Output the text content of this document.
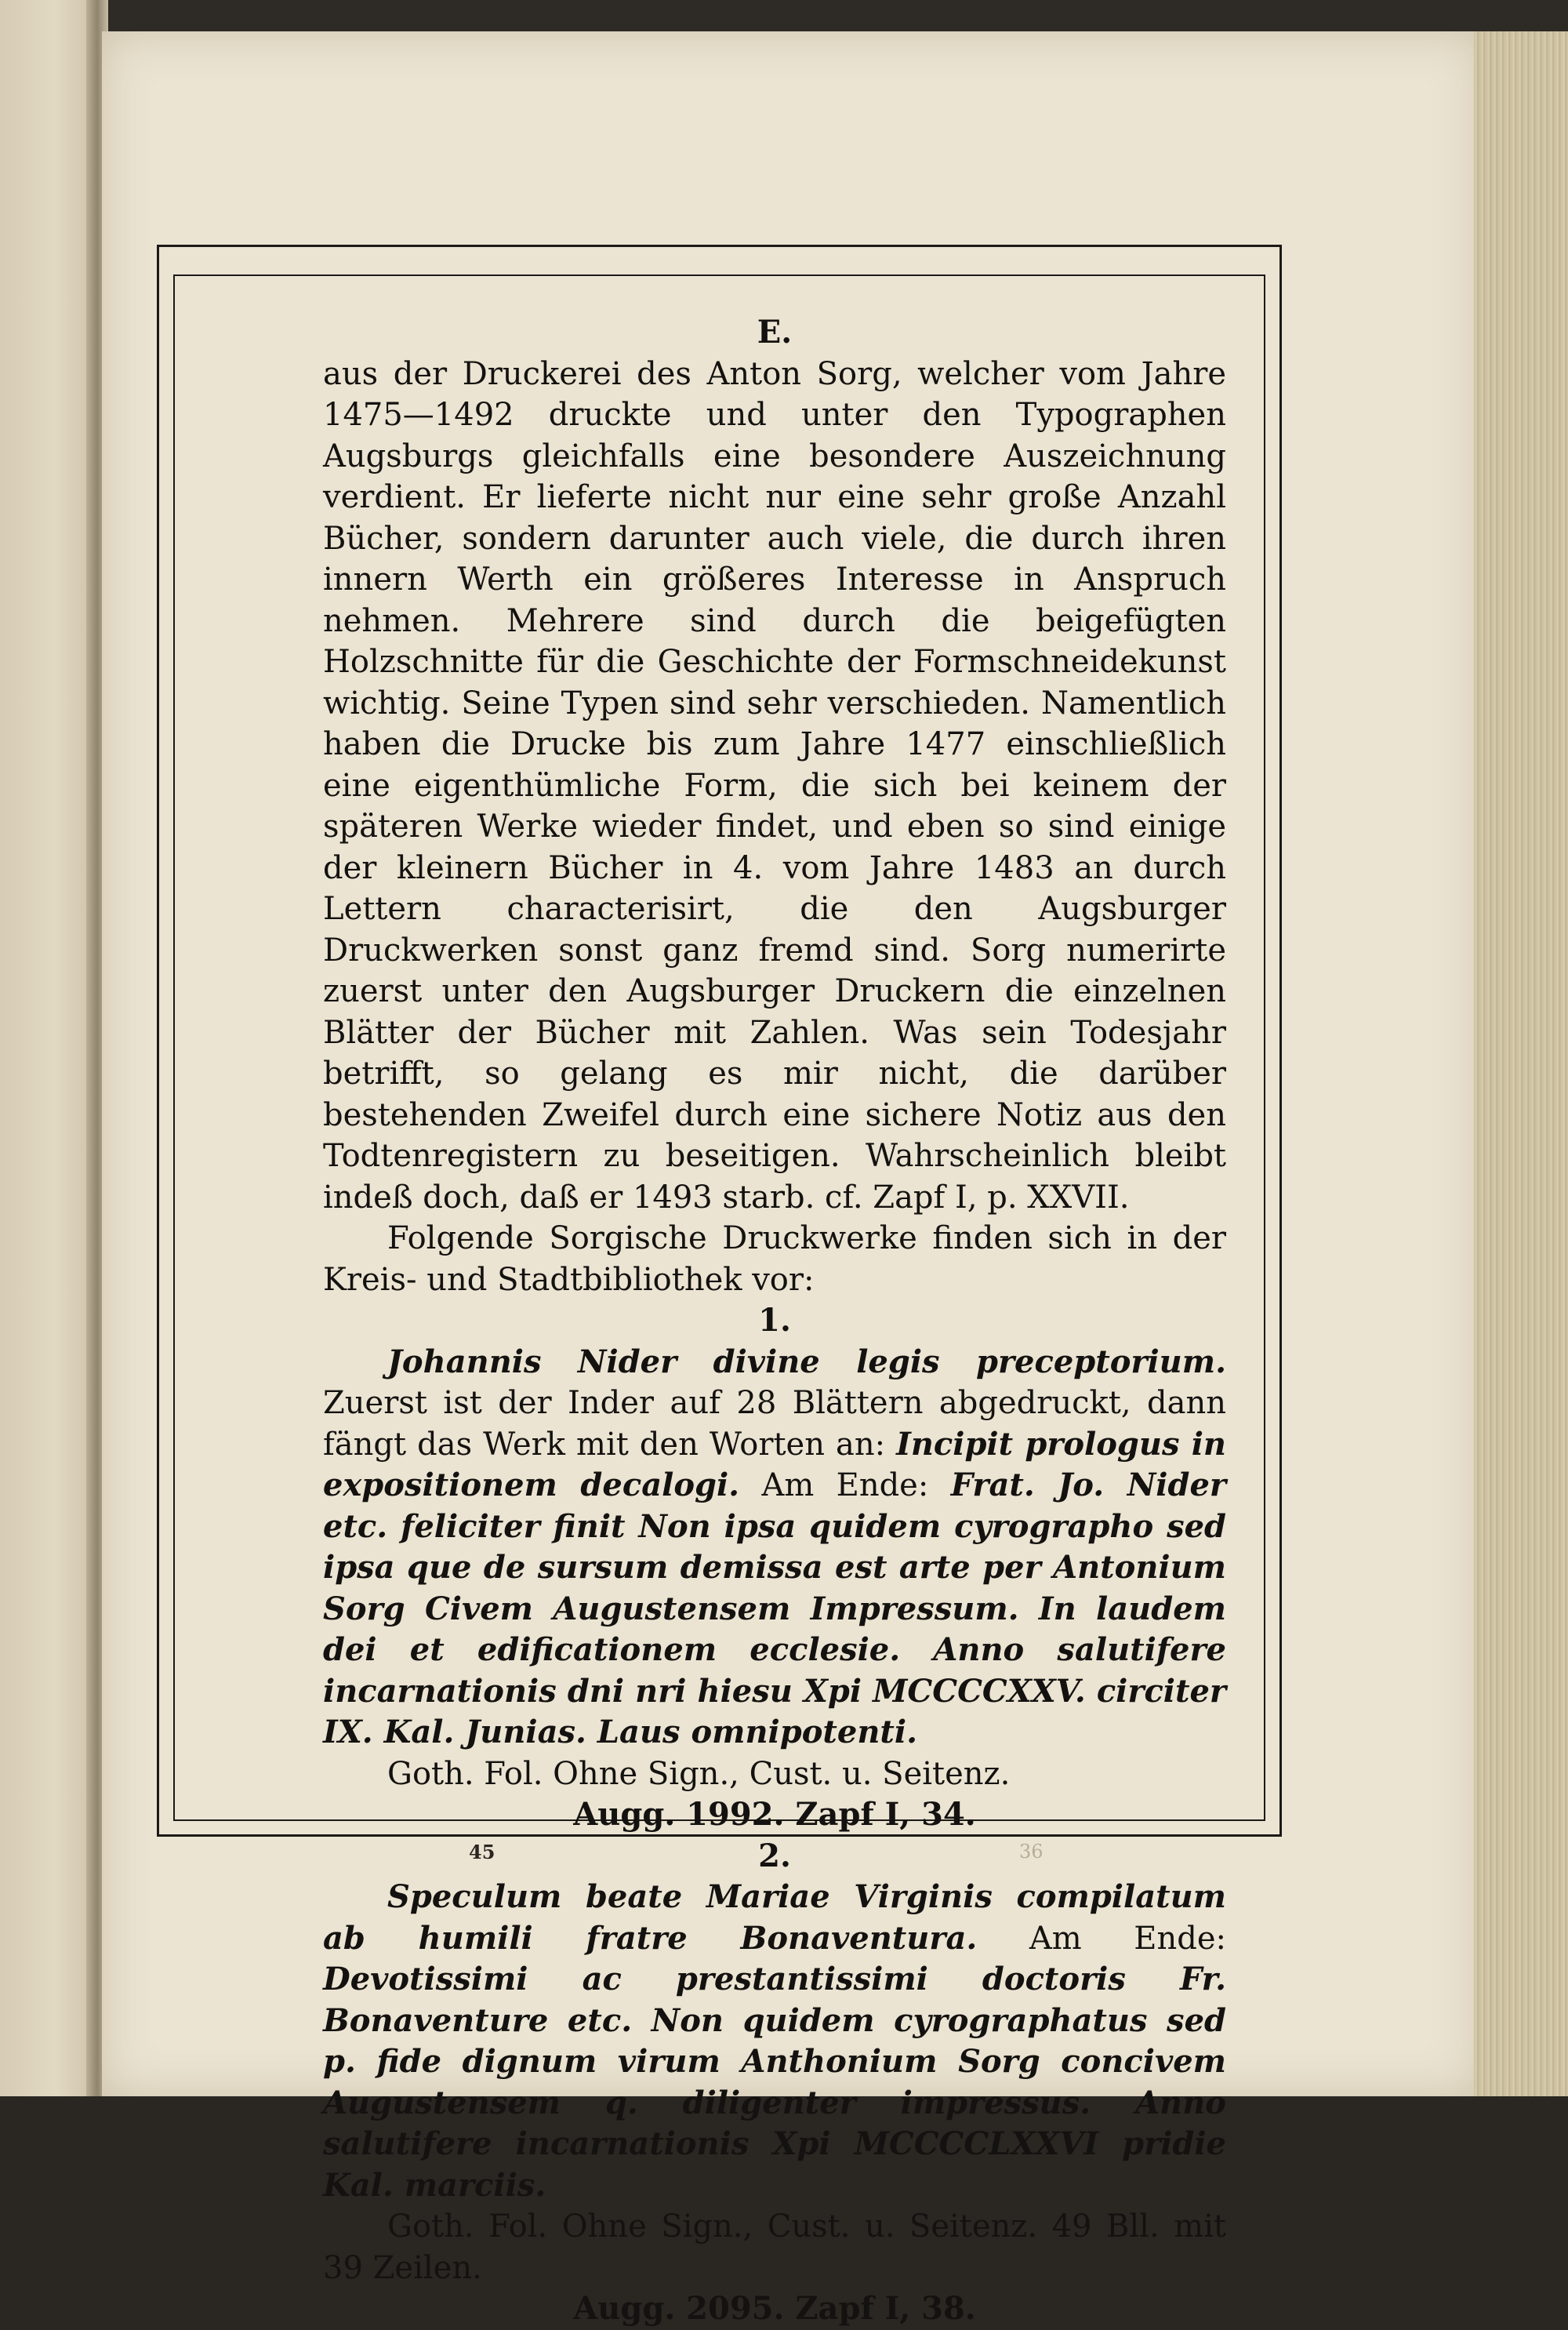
E.

aus der Druckerei des Anton Sorg, welcher vom Jahre 1475—1492 druckte und unter den Typographen Augsburgs gleichfalls eine besondere Auszeichnung verdient. Er lieferte nicht nur eine sehr große Anzahl Bücher, sondern darunter auch viele, die durch ihren innern Werth ein größeres Interesse in Anspruch nehmen. Mehrere sind durch die beigefügten Holzschnitte für die Geschichte der Formschneidekunst wichtig. Seine Typen sind sehr verschieden. Namentlich haben die Drucke bis zum Jahre 1477 einschließlich eine eigenthümliche Form, die sich bei keinem der späteren Werke wieder findet, und eben so sind einige der kleinern Bücher in 4. vom Jahre 1483 an durch Lettern characterisirt, die den Augsburger Druckwerken sonst ganz fremd sind. Sorg numerirte zuerst unter den Augsburger Druckern die einzelnen Blätter der Bücher mit Zahlen. Was sein Todesjahr betrifft, so gelang es mir nicht, die darüber bestehenden Zweifel durch eine sichere Notiz aus den Todtenregistern zu beseitigen. Wahrscheinlich bleibt indeß doch, daß er 1493 starb. cf. Zapf I, p. XXVII.

Folgende Sorgische Druckwerke finden sich in der Kreis- und Stadtbibliothek vor:

1.

Johannis Nider divine legis preceptorium. Zuerst ist der Inder auf 28 Blättern abgedruckt, dann fängt das Werk mit den Worten an: Incipit prologus in expositionem decalogi. Am Ende: Frat. Jo. Nider etc. feliciter finit Non ipsa quidem cyrographo sed ipsa que de sursum demissa est arte per Antonium Sorg Civem Augustensem Impressum. In laudem dei et edificationem ecclesie. Anno salutifere incarnationis dni nri hiesu Xpi MCCCCXXV. circiter IX. Kal. Junias. Laus omnipotenti.

Goth. Fol. Ohne Sign., Cust. u. Seitenz.

Augg. 1992. Zapf I, 34.

2.

Speculum beate Mariae Virginis compilatum ab humili fratre Bonaventura. Am Ende: Devotissimi ac prestantissimi doctoris Fr. Bonaventure etc. Non quidem cyrographatus sed p. fide dignum virum Anthonium Sorg concivem Augustensem q. diligenter impressus. Anno salutifere incarnationis Xpi MCCCCLXXVI pridie Kal. marciis.

Goth. Fol. Ohne Sign., Cust. u. Seitenz. 49 Bll. mit 39 Zeilen.

Augg. 2095. Zapf I, 38.

45	36
